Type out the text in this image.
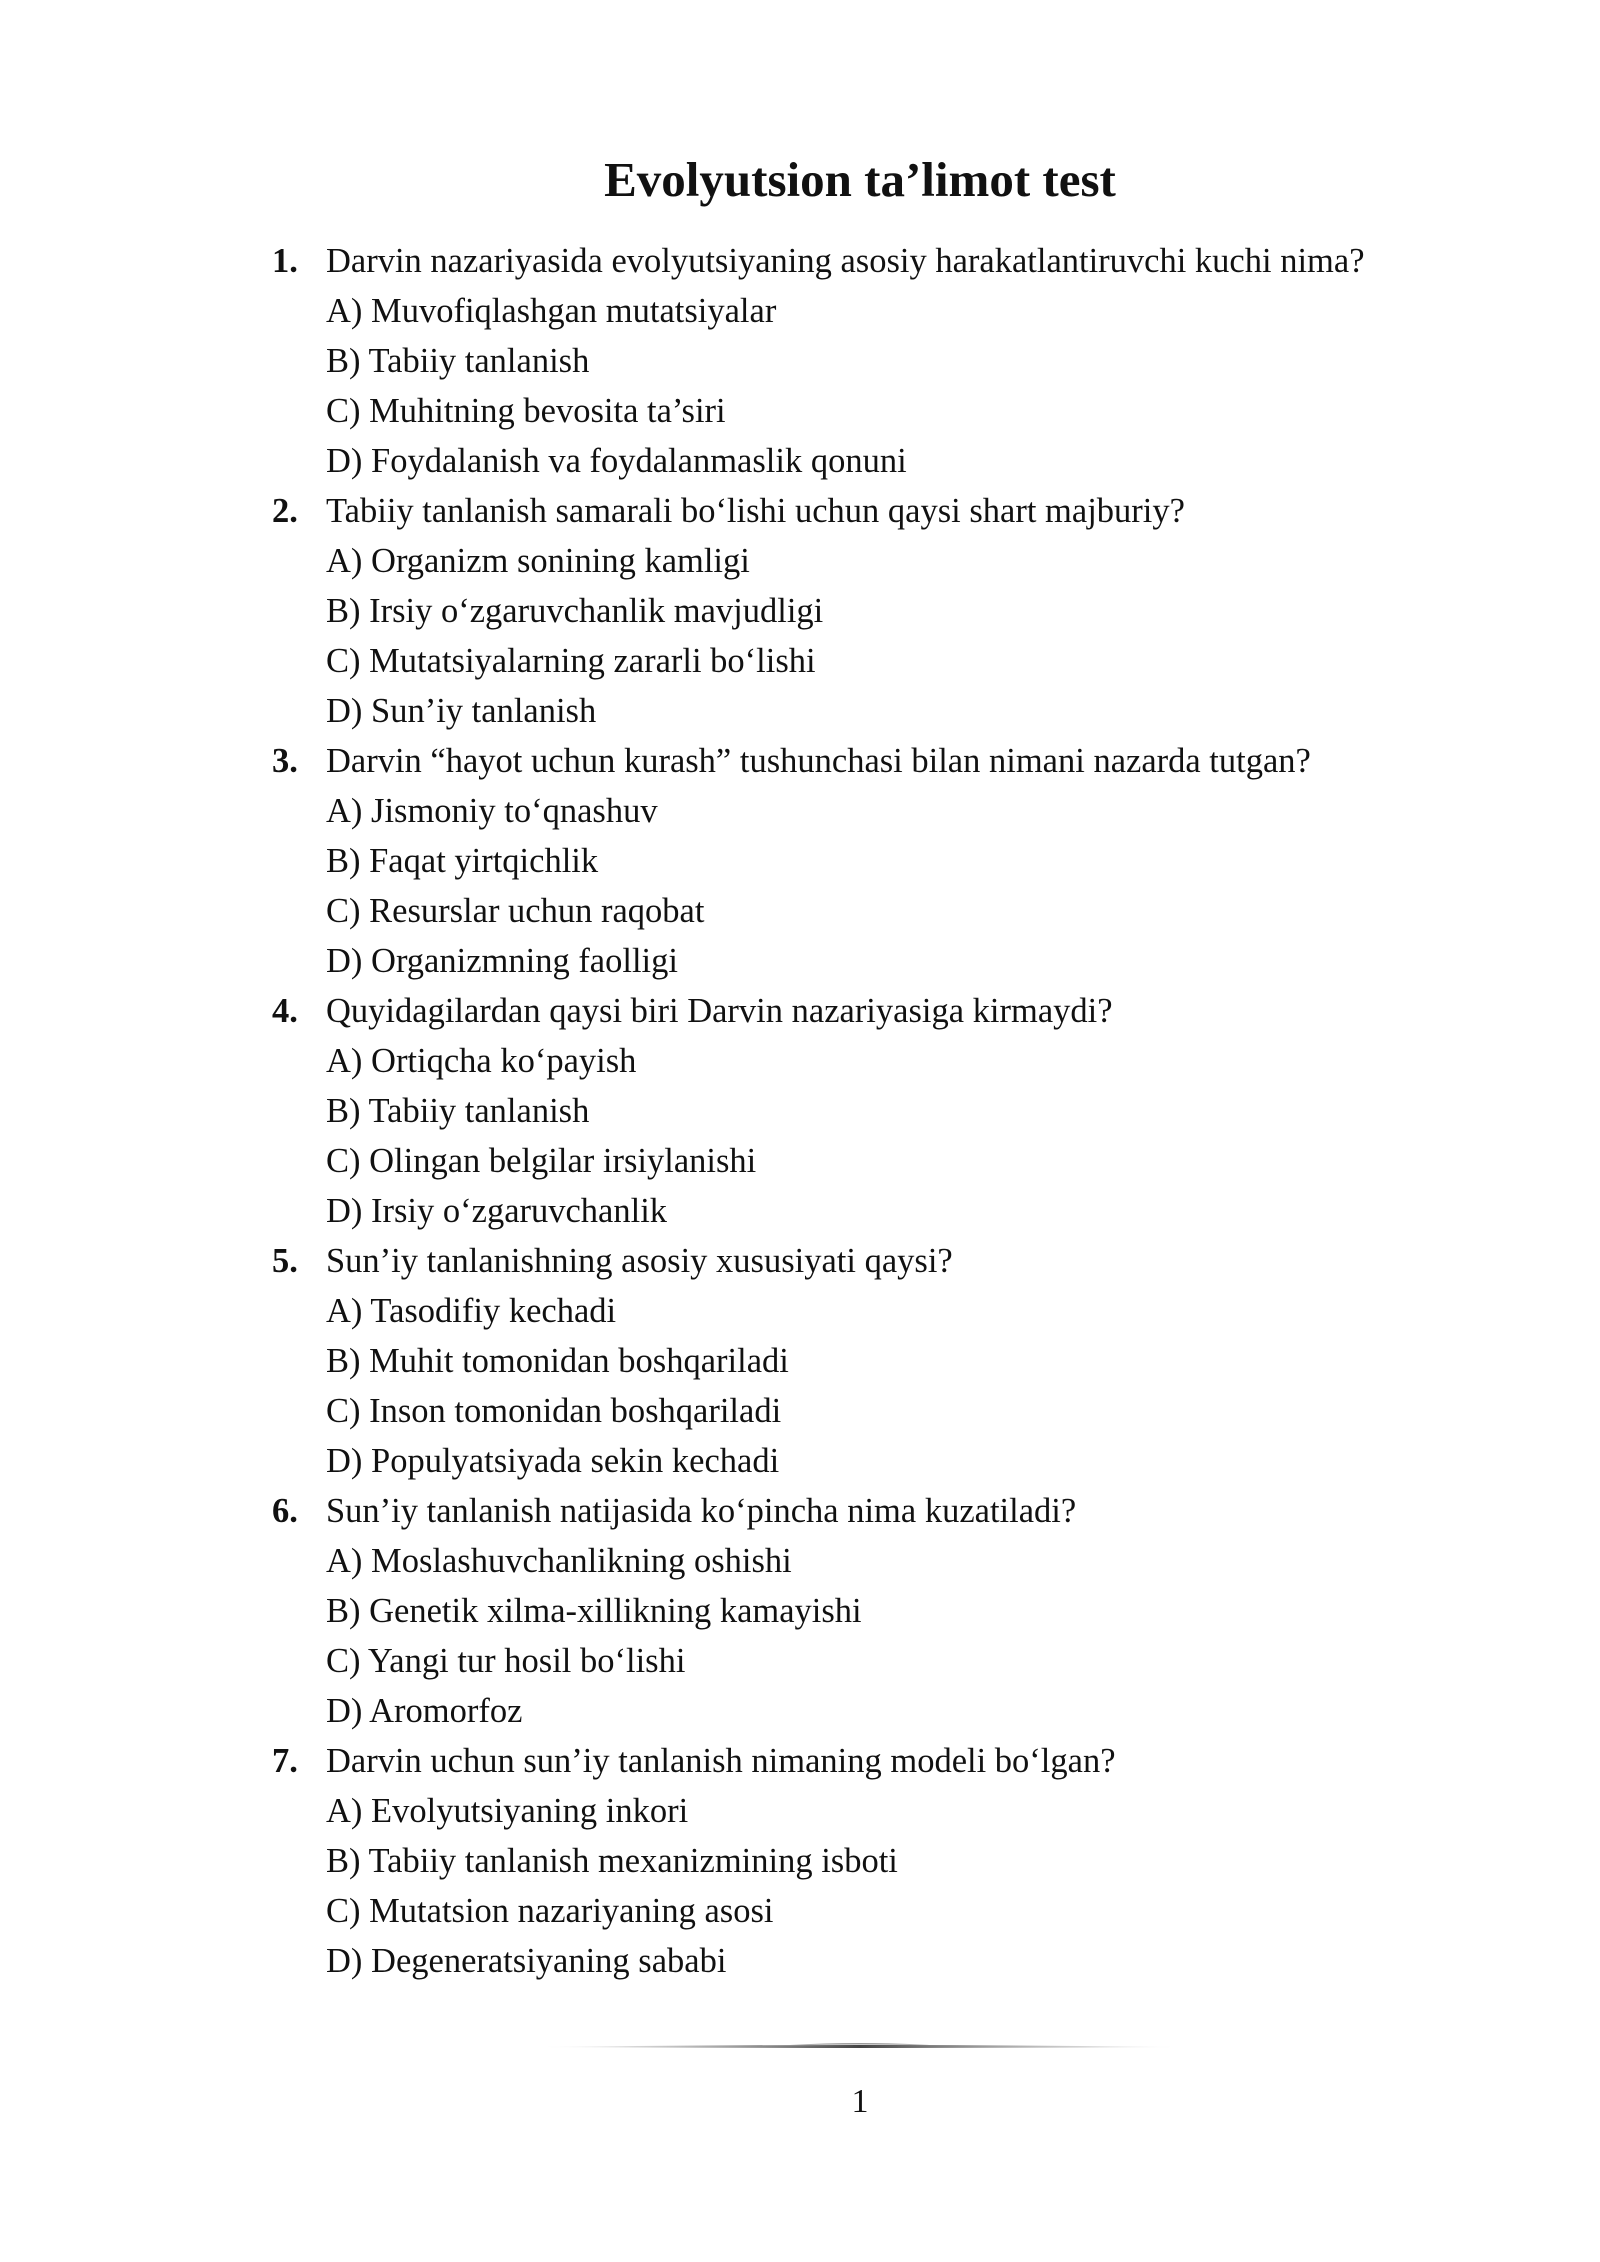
Evolyutsion ta’limot test
1. Darvin nazariyasida evolyutsiyaning asosiy harakatlantiruvchi kuchi nima?
A) Muvofiqlashgan mutatsiyalar
B) Tabiiy tanlanish
C) Muhitning bevosita ta’siri
D) Foydalanish va foydalanmaslik qonuni
2. Tabiiy tanlanish samarali bo‘lishi uchun qaysi shart majburiy?
A) Organizm sonining kamligi
B) Irsiy o‘zgaruvchanlik mavjudligi
C) Mutatsiyalarning zararli bo‘lishi
D) Sun’iy tanlanish
3. Darvin “hayot uchun kurash” tushunchasi bilan nimani nazarda tutgan?
A) Jismoniy to‘qnashuv
B) Faqat yirtqichlik
C) Resurslar uchun raqobat
D) Organizmning faolligi
4. Quyidagilardan qaysi biri Darvin nazariyasiga kirmaydi?
A) Ortiqcha ko‘payish
B) Tabiiy tanlanish
C) Olingan belgilar irsiylanishi
D) Irsiy o‘zgaruvchanlik
5. Sun’iy tanlanishning asosiy xususiyati qaysi?
A) Tasodifiy kechadi
B) Muhit tomonidan boshqariladi
C) Inson tomonidan boshqariladi
D) Populyatsiyada sekin kechadi
6. Sun’iy tanlanish natijasida ko‘pincha nima kuzatiladi?
A) Moslashuvchanlikning oshishi
B) Genetik xilma-xillikning kamayishi
C) Yangi tur hosil bo‘lishi
D) Aromorfoz
7. Darvin uchun sun’iy tanlanish nimaning modeli bo‘lgan?
A) Evolyutsiyaning inkori
B) Tabiiy tanlanish mexanizmining isboti
C) Mutatsion nazariyaning asosi
D) Degeneratsiyaning sababi
1
